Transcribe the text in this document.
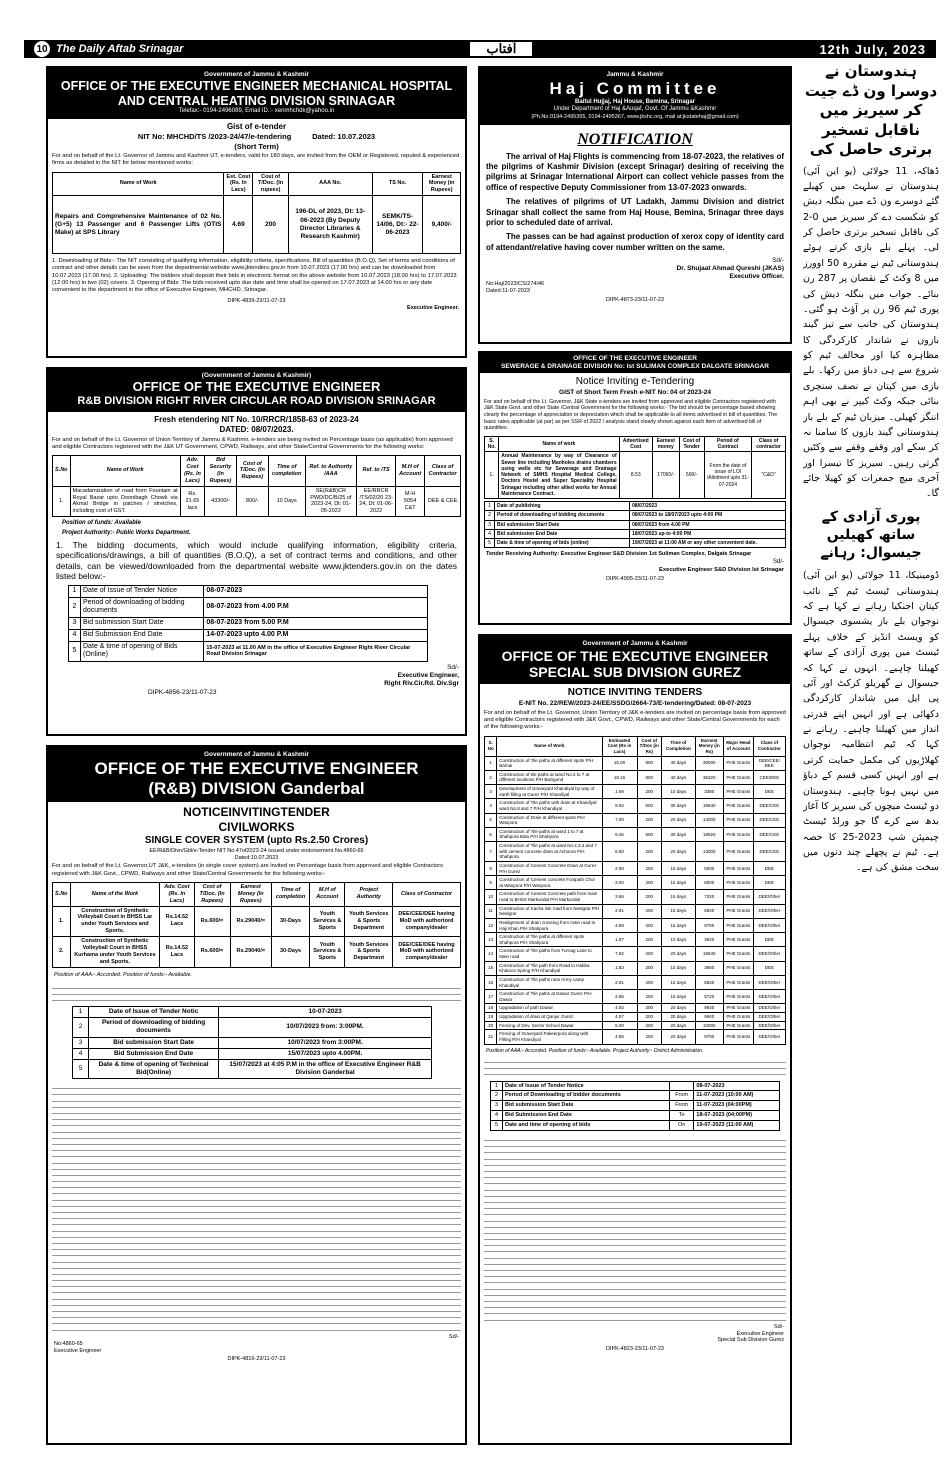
10 The Daily Aftab Srinagar	آفتاب	12th July, 2023
Government of Jammu & Kashmir
OFFICE OF THE EXECUTIVE ENGINEER MECHANICAL HOSPITAL AND CENTRAL HEATING DIVISION SRINAGAR
Telefax:- 0194-2496089, Email ID.:- xenmhchdk@yahoo.in
Gist of e-tender
NIT No: MHCHD/TS /2023-24/47/e-tendering          Dated: 10.07.2023
(Short Term)
For and on behalf of the Lt. Governor of Jammu and Kashmir UT, e-tenders, valid for 180 days, are invited from the OEM or Registered, reputed & experienced firms as detailed in the NIT for below mentioned works:
Name of Work	Est. Cost (Rs. In Lacs)	Cost of T/Doc. (In rupees)	AAA No.	TS No.	Earnest Money (in Rupees)
Repairs and Comprehensive Maintenance of 02 No. (G+5) 13 Passenger and 6 Passenger Lifts (OTIS Make) at SPS Library	4.69	200	196-DL of 2023, Dt: 13-06-2023 (By Deputy Director Libraries & Research Kashmir)	SEMK/TS-14/06, Dt:- 22-06-2023	9,400/-
1. Downloading of Bids:- The NIT consisting of qualifying information, eligibility criteria, specifications, Bill of quantities (B.O.Q), Set of terms and conditions of contract and other details can be seen from the departmental website www.jktenders.gov.in from 10.07.2023 (17.00 hrs) and can be downloaded from 10.07.2023 (17.00 hrs). 2. Uploading: The bidders shall deposit their bids in electronic format on the above website from 10.07.2023 (18.00 hrs) to 17.07.2023 (12:00 hrs) in two (02) covers. 3. Opening of Bids: The bids received upto due date and time shall be opened on 17.07.2023 at 14.00 hrs or any date convenient to the department in the office of Executive Engineer, MHCHD, Srinagar.
DIPK-4839-23/11-07-23
Executive Engineer.
Jammu & Kashmir
Haj Committee
Baitul Hujjaj, Haj House, Bemina, Srinagar
Under Department of Haj &Auqaf, Govt. Of Jammu &Kashmir
(Ph.No.0194-2495365, 0194-2495367, www.jkshc.org, mail at:jkstatehaj@gmail.com)
NOTIFICATION
The arrival of Haj Flights is commencing from 18-07-2023, the relatives of the pilgrims of Kashmir Division (except Srinagar) desiring of receiving the pilgrims at Srinagar International Airport can collect vehicle passes from the office of respective Deputy Commissioner from 13-07-2023 onwards.
The relatives of pilgrims of UT Ladakh, Jammu Division and district Srinagar shall collect the same from Haj House, Bemina, Srinagar three days prior to scheduled date of arrival.
The passes can be had against production of xerox copy of identity card of attendant/relative having cover number written on the same.
Sd/-
Dr. Shujaat Ahmad Qureshi (JKAS)
Executive Officer.
No:Haj/2023/CS/274/46
Dated:11-07-2023
DIPK-4873-23/11-07-23
(Government of Jammu & Kashmir)
OFFICE OF THE EXECUTIVE ENGINEER
R&B DIVISION RIGHT RIVER CIRCULAR ROAD DIVISION SRINAGAR
Fresh etendering NIT No. 10/RRCR/1858-63 of 2023-24
DATED: 08/07/2023.
For and on behalf of the Lt. Governor of Union Territory of Jammu & Kashmir, e-tenders are being invited on Percentage basis (as applicable) from approved and eligible Contractors registered with the J&K UT Government, CPWD, Railways, and other State/Central Governments for the following works:
S.No	Name of Work	Adv. Cost (Rs. In Lacs)	Bid Security (In Rupees)	Cost of T/Doc. (In Rupees)	Time of completion	Ref. to Authority /AAA	Ref. to /TS	M.H of Account	Class of Contractor
1.	Macadamization of road from Fountain at Royal Bazar upto Doonibagh Chowk via Akmal Bridge in patches / stretches, including cost of GST.	Rs. 21.65 lacs	43300/-	800/-	10 Days	SE(R&B)CR PWD/DC/B/25 of 2023-24, Dt: 01-05-2022	EE/RRCR /TS/02/20 23-24, Dt: 01-06-2022	M-H 5054 C&T	DEE & CEE
Position of funds: Available
Project Authority:- Public Works Department.
1. The bidding documents, which would include qualifying information, eligibility criteria, specifications/drawings, a bill of quantities (B.O.Q), a set of contract terms and conditions, and other details, can be viewed/downloaded from the departmental website www.jktenders.gov.in on the dates listed below:-
1	Date of Issue of Tender Notice	08-07-2023
2	Period of downloading of bidding documents	08-07-2023 from 4.00 P.M
3	Bid submission Start Date	08-07-2023 from 5.00 P.M
4	Bid Submission End Date	14-07-2023 upto 4.00 P.M
5	Date & time of opening of Bids (Online)	15-07-2023 at 11.00 AM in the office of Executive Engineer Right River Circular Road Division Srinagar
Sd/-
Executive Engineer,
Right Riv.Cir.Rd. Div.Sgr
DIPK-4856-23/11-07-23
OFFICE OF THE EXECUTIVE ENGINEER
SEWERAGE & DRAINAGE DIVISION No: Ist SULIMAN COMPLEX DALGATE SRINAGAR
Notice Inviting e-Tendering
GIST of Short Term Fresh e-NIT No: 04 of 2023-24
For and on behalf of the Lt. Governor, J&K State e-tenders are invited from approved and eligible Contractors registered with J&K State Govt. and other State /Central Government for the following works:- The bid should be percentage based showing clearly the percentage of appreciation or depreciation which shall be applicable to all items advertised in bill of quantities. The basic rates applicable (at par) as per SSR of 2022 / analysis stand clearly shown against each item of advertised bill of quantities.
S. No.	Name of work	Advertised Cost	Earnest money	Cost of Tender	Period of Contract	Class of contractor
1.	Annual Maintenance by way of Clearance of Sewer line including Manholes drains chambers using wells etc for Sewerage and Drainage Network of SMHS Hospital Medical College, Doctors Hostel and Super Speciality Hospital Srinagar including other allied works for Annual Maintenance Contract.	8.53	17060/-	500/-	From the date of issue of LOI /Allotment upto 31-07-2024	"C&D"
1	Date of publishing	08/07/2023
2	Period of downloading of bidding documents	08/07/2023 to 18/07/2023 upto 4:00 PM
3	Bid submission Start Date	08/07/2023 from 4.00 PM
4	Bid submission End Date	18/07/2023 up-to 4:00 PM
5	Date & time of opening of bids (online)	19/07/2023 at 11:00 AM or any other convenient date.
Tender Receiving Authority: Executive Engineer S&D Division 1st Suliman Complex, Dalgate Srinagar
Sd/-
Executive Engineer S&D Division Ist Srinagar
DIPK-4905-23/11-07-23
Government of Jammu & Kashmir
OFFICE OF THE EXECUTIVE ENGINEER
(R&B) DIVISION Ganderbal
NOTICEINVITINGTENDER
CIVILWORKS
SINGLE COVER SYSTEM (upto Rs.2.50 Crores)
EE/R&B/Divn/Gbl/e-Tender NIT No.47of2023-24 issued under endorsement No.4860-65
Dated:10.07.2023
For and on behalf of the Lt. Governor,UT J&K, e-tenders (in single cover system) are invited on Percentage basis from approved and eligible Contractors registered with J&K Govt., CPWD, Railways and other State/Central Governments for the following works:-
S.No	Name of the Work	Adv. Cost (Rs. In Lacs)	Cost of T/Doc. (In Rupees)	Earnest Money (In Rupees)	Time of completion	M.H of Account	Project Authority	Class of Contractor
1.	Construction of Synthetic Volleyball Court in BHSS Lar under Youth Services and Sports.	Rs.14.52 Lacs	Rs.600/=	Rs.29040/=	30-Days	Youth Services & Sports	Youth Services & Sports Department	DEE/CEE/DEE having MoD with authorized company/dealer
2.	Construction of Synthetic Volleyball Court in BHSS Kurhama under Youth Services and Sports.	Rs.14.52 Lacs	Rs.600/=	Rs.29040/=	30-Days	Youth Services & Sports	Youth Services & Sports Department	DEE/CEE/DEE having MoD with authorized company/dealer
Position of AAA:- Accorded. Position of funds:- Available.
1	Date of Issue of Tender Notic	10-07-2023
2	Period of downloading of bidding documents	10/07/2023 from: 3:00PM.
3	Bid submission Start Date	10/07/2023 from 3:00PM.
4	Bid Submission End Date	15/07/2023 upto 4.00PM.
5	Date & time of opening of Technical Bid(Online)	15/07/2023 at 4:05 P.M in the office of Executive Engineer R&B Division Ganderbal
Sd/-
No:4860-65
Executive Engineer
DIPK-4816-23/11-07-23
Government of Jammu & Kashmir
OFFICE OF THE EXECUTIVE ENGINEER
SPECIAL SUB DIVISION GUREZ
NOTICE INVITING TENDERS
E-NIT No. 22/REW/2023-24/EE/SSDG/2664-73/E-tendering/Dated: 08-07-2023
For and on behalf of the Lt. Governor, Union Territory of J&K e-tenders are invited on percentage basis from approved and eligible Contractors registered with J&K Govt., CPWD, Railways and other State/Central Governments for each of the following works:-
S. No	Name of Work	Estimated Cost (Rs in Lacs)	Cost of T/Doc (in Rs)	Time of Completion	Earnest Money (in Rs)	Major Head of Account	Class of Contractor
1	Construction of Tile paths at different spots P/H Barnai	15.00	800	40 days	30000	PHE Grants	DEE/CEE/ BEE
2	Construction of tile paths at ward No.2 to 7 at different locations P/H Bazigund	18.16	800	40 days	36320	PHE Grants	CEE/DEE
3	Development of Graveyard Khandiyal by way of earth filling at Gurez P/H Khandiyal	1.69	200	10 days	3380	PHE Grants	DEE
4	Construction of Tile paths with drain at Khandiyal ward No.8 and 7 P/H Khandiyal	9.92	600	30 days	19840	PHE Grants	DEE/CEE
5	Construction of Drain at different spots P/H Wanpora	7.00	200	20 days	14000	PHE Grants	DEE/CEE
6	Construction of Tile paths at ward 1 to 7 at Shahpora Bala P/H Shahpora	9.46	600	30 days	18920	PHE Grants	DEE/CEE
7	Construction of Tile paths at ward No.2,3,4 and 7 with cement concrete drain at Achoora P/H Shahpora	6.50	200	20 days	13000	PHE Grants	DEE/CEE
8	Construction of Cement Concrete Drain at Gurez P/H Gurez	2.50	200	15 days	5000	PHE Grants	DEE
9	Construction of Cement concrete Footpath Chor at Wanpora P/H Wanpora	3.00	200	15 days	6000	PHE Grants	DEE
10	Construction of Cement Concrete path from main road to BHSS Markundal P/H Markundal	3.66	200	15 days	7320	PHE Grants	DEE/Other
11	Construction of Kacha link road from Neelgrar P/H Neelgrar	2.91	200	15 days	5820	PHE Grants	DEE/Other
12	Realignment of drain crossing from main road to Haji Khan P/H Shahpora	4.88	200	15 days	9760	PHE Grants	DEE/Other
13	Construction of Tile paths at different spots Shahpora P/H Shahpora	1.97	200	10 days	3940	PHE Grants	DEE
14	Construction of Tile paths from Turnag Lane to Main road	7.92	200	20 days	15840	PHE Grants	DEE/Other
15	Construction of Tile path from Road to Habba Khatoon Spring P/H Khandiyal	1.83	200	10 days	3660	PHE Grants	DEE
16	Construction of Tile paths near Army camp Khandiyal	2.91	200	15 days	5820	PHE Grants	DEE/Other
17	Construction of Tile paths at Dawar Gurez P/H Dawar	2.86	200	15 days	5720	PHE Grants	DEE/Other
18	Upgradation of path Dawar	4.92	200	20 days	9840	PHE Grants	DEE/Other
19	Upgradation of drain at Qanjur Gurez	4.97	200	20 days	9940	PHE Grants	DEE/Other
20	Fencing of Dev. Sector School Dawar	5.00	200	20 days	10000	PHE Grants	DEE/Other
21	Fencing of Graveyard Fakeerpora along with Filling P/H Khandiyal	4.85	200	20 days	9700	PHE Grants	DEE/Other
Position of AAA:- Accorded. Position of funds:- Available. Project Authority:- District Administration.
1	Date of Issue of Tender Notice		08-07-2023
2	Period of Downloading of bidder documents	From	11-07-2023 (10:00 AM)
3	Bid submission Start Date	From	11-07-2023 (04:00PM)
4	Bid Submission End Date	To	18-07-2023 (04:00PM)
5	Date and time of opening of bids	On	19-07-2023 (11:00 AM)
Sd/-
Executive Engineer
Special Sub Division Gurez
DIPK-4823-23/11-07-23
ہندوستان نے دوسرا ون ڈے جیت کر سیریز میں ناقابل تسخیر برتری حاصل کی

ڈھاکہ، 11 جولائی (یو این آئی) ہندوستان نے سلہٹ میں کھیلے گئے دوسرے ون ڈے میں بنگلہ دیش کو شکست دے کر سیریز میں 0-2 کی ناقابل تسخیر برتری حاصل کر لی۔ پہلے بلے بازی کرتے ہوئے ہندوستانی ٹیم نے مقررہ 50 اوورز میں 8 وکٹ کے نقصان پر 287 رن بنائے۔ جواب میں بنگلہ دیش کی پوری ٹیم 96 رن پر آؤٹ ہو گئی۔ ہندوستان کی جانب سے تیز گیند بازوں نے شاندار کارکردگی کا مظاہرہ کیا اور مخالف ٹیم کو شروع سے ہی دباؤ میں رکھا۔ بلے بازی میں کپتان نے نصف سنچری بنائی جبکہ وکٹ کیپر نے بھی اہم اننگز کھیلی۔ میزبان ٹیم کے بلے باز ہندوستانی گیند بازوں کا سامنا نہ کر سکے اور وقفے وقفے سے وکٹیں گرتی رہیں۔ سیریز کا تیسرا اور آخری میچ جمعرات کو کھیلا جائے گا۔

پوری آزادی کے ساتھ کھیلیں جیسوال: رہانے

ڈومینیکا، 11 جولائی (یو این آئی) ہندوستانی ٹیسٹ ٹیم کے نائب کپتان اجنکیا رہانے نے کہا ہے کہ نوجوان بلے باز یشسوی جیسوال کو ویسٹ انڈیز کے خلاف پہلے ٹیسٹ میں پوری آزادی کے ساتھ کھیلنا چاہیے۔ انہوں نے کہا کہ جیسوال نے گھریلو کرکٹ اور آئی پی ایل میں شاندار کارکردگی دکھائی ہے اور انہیں اپنے قدرتی انداز میں کھیلنا چاہیے۔ رہانے نے کہا کہ ٹیم انتظامیہ نوجوان کھلاڑیوں کی مکمل حمایت کرتی ہے اور انہیں کسی قسم کے دباؤ میں نہیں ہونا چاہیے۔ ہندوستان دو ٹیسٹ میچوں کی سیریز کا آغاز بدھ سے کرے گا جو ورلڈ ٹیسٹ چیمپئن شپ 2023-25 کا حصہ ہے۔ ٹیم نے پچھلے چند دنوں میں سخت مشق کی ہے۔
